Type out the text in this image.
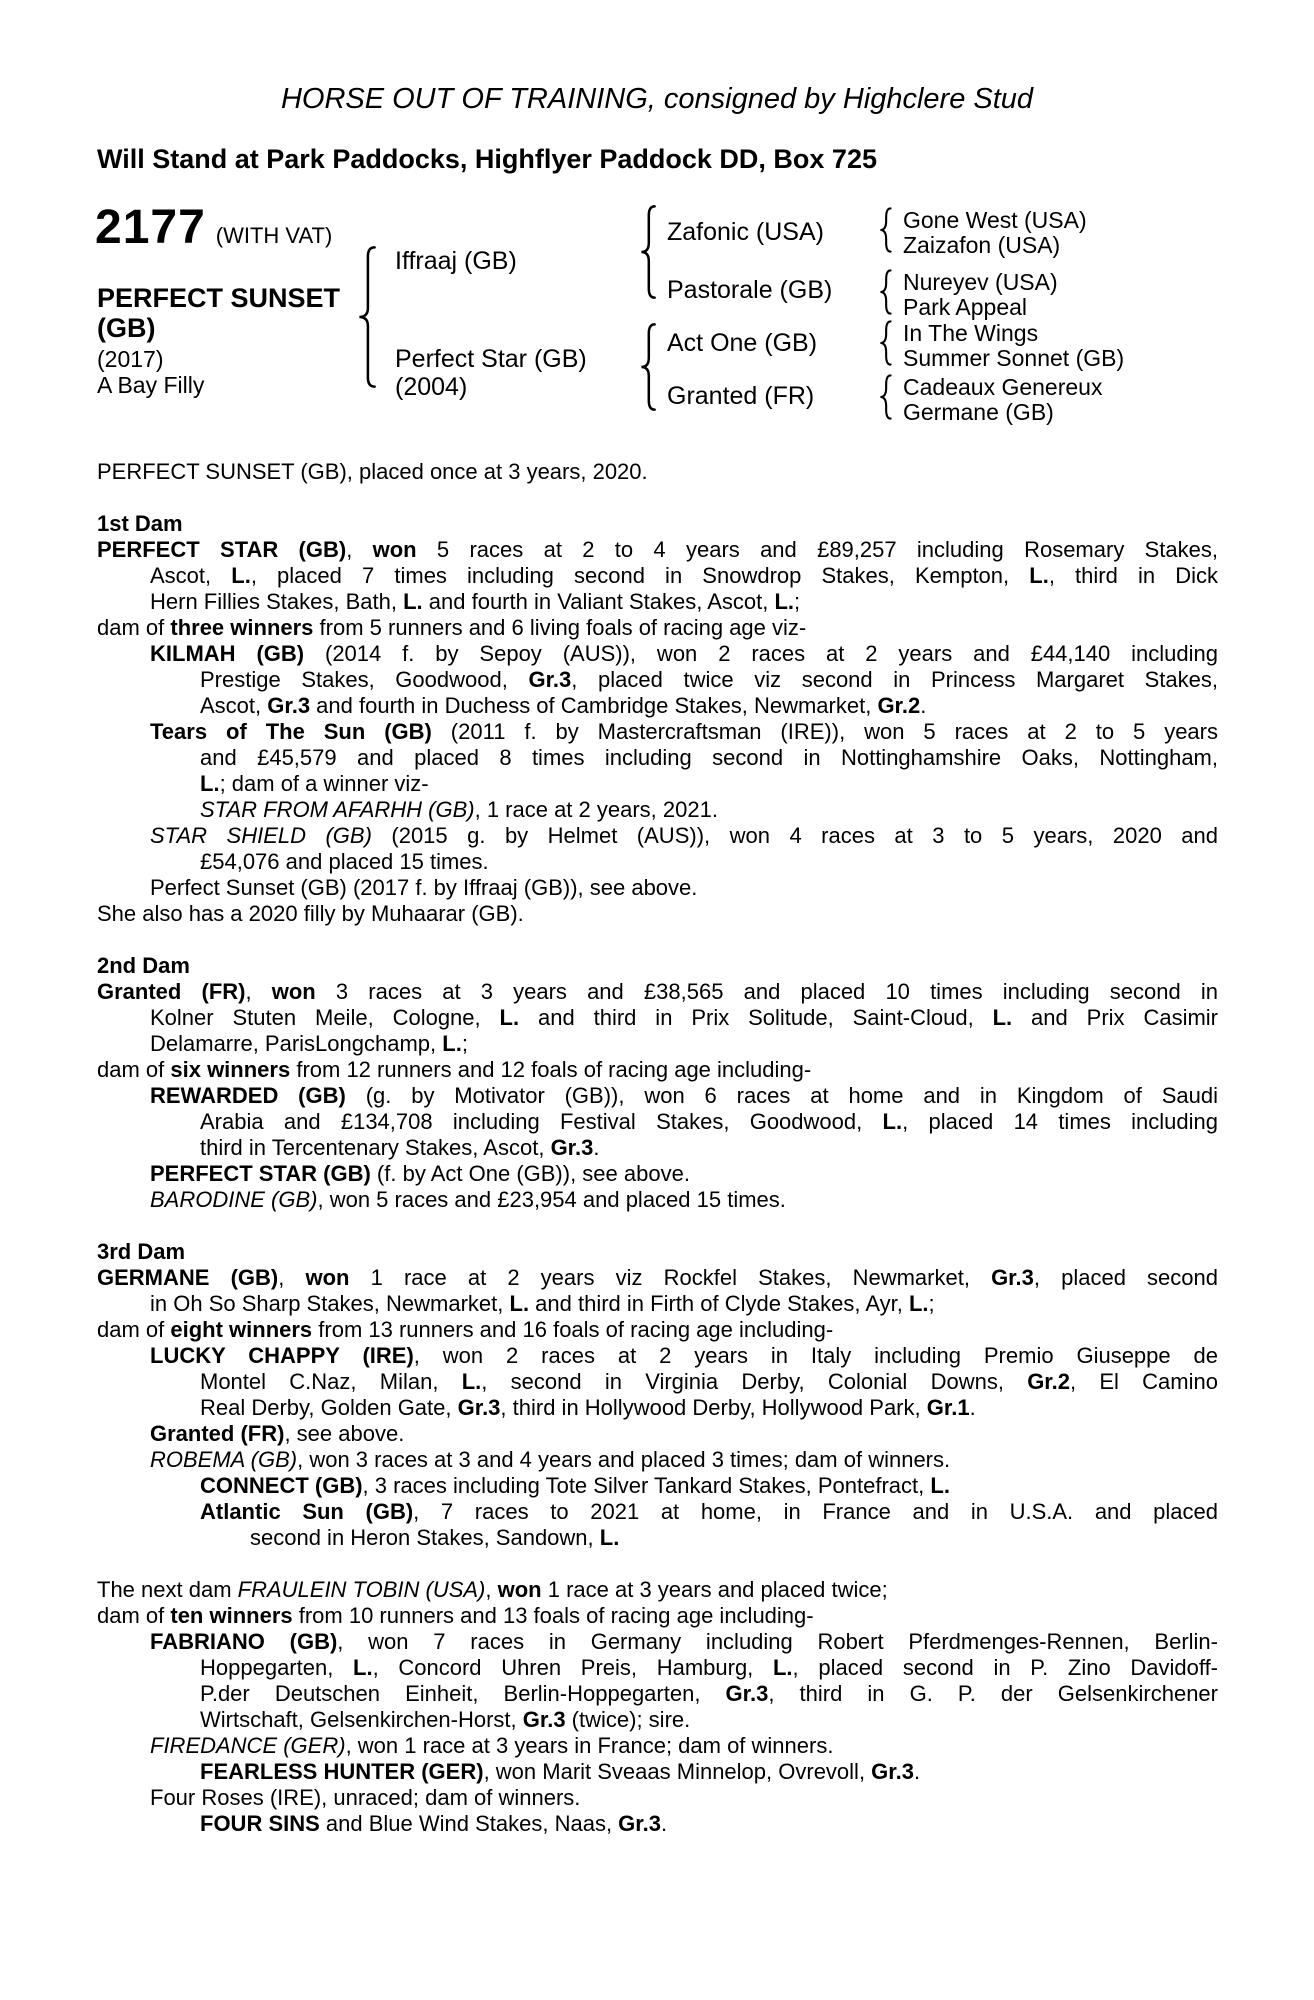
HORSE OUT OF TRAINING, consigned by Highclere Stud
Will Stand at Park Paddocks, Highflyer Paddock DD, Box 725
2177 (WITH VAT)
PERFECT SUNSET
(GB)
(2017)
A Bay Filly
Iffraaj (GB)
Perfect Star (GB)
(2004)
Zafonic (USA)
Pastorale (GB)
Act One (GB)
Granted (FR)
Gone West (USA)
Zaizafon (USA)
Nureyev (USA)
Park Appeal
In The Wings
Summer Sonnet (GB)
Cadeaux Genereux
Germane (GB)
PERFECT SUNSET (GB), placed once at 3 years, 2020.
1st Dam
PERFECT STAR (GB), won 5 races at 2 to 4 years and £89,257 including Rosemary Stakes,
Ascot, L., placed 7 times including second in Snowdrop Stakes, Kempton, L., third in Dick
Hern Fillies Stakes, Bath, L. and fourth in Valiant Stakes, Ascot, L.;
dam of three winners from 5 runners and 6 living foals of racing age viz-
KILMAH (GB) (2014 f. by Sepoy (AUS)), won 2 races at 2 years and £44,140 including
Prestige Stakes, Goodwood, Gr.3, placed twice viz second in Princess Margaret Stakes,
Ascot, Gr.3 and fourth in Duchess of Cambridge Stakes, Newmarket, Gr.2.
Tears of The Sun (GB) (2011 f. by Mastercraftsman (IRE)), won 5 races at 2 to 5 years
and £45,579 and placed 8 times including second in Nottinghamshire Oaks, Nottingham,
L.; dam of a winner viz-
STAR FROM AFARHH (GB), 1 race at 2 years, 2021.
STAR SHIELD (GB) (2015 g. by Helmet (AUS)), won 4 races at 3 to 5 years, 2020 and
£54,076 and placed 15 times.
Perfect Sunset (GB) (2017 f. by Iffraaj (GB)), see above.
She also has a 2020 filly by Muhaarar (GB).
2nd Dam
Granted (FR), won 3 races at 3 years and £38,565 and placed 10 times including second in
Kolner Stuten Meile, Cologne, L. and third in Prix Solitude, Saint-Cloud, L. and Prix Casimir
Delamarre, ParisLongchamp, L.;
dam of six winners from 12 runners and 12 foals of racing age including-
REWARDED (GB) (g. by Motivator (GB)), won 6 races at home and in Kingdom of Saudi
Arabia and £134,708 including Festival Stakes, Goodwood, L., placed 14 times including
third in Tercentenary Stakes, Ascot, Gr.3.
PERFECT STAR (GB) (f. by Act One (GB)), see above.
BARODINE (GB), won 5 races and £23,954 and placed 15 times.
3rd Dam
GERMANE (GB), won 1 race at 2 years viz Rockfel Stakes, Newmarket, Gr.3, placed second
in Oh So Sharp Stakes, Newmarket, L. and third in Firth of Clyde Stakes, Ayr, L.;
dam of eight winners from 13 runners and 16 foals of racing age including-
LUCKY CHAPPY (IRE), won 2 races at 2 years in Italy including Premio Giuseppe de
Montel C.Naz, Milan, L., second in Virginia Derby, Colonial Downs, Gr.2, El Camino
Real Derby, Golden Gate, Gr.3, third in Hollywood Derby, Hollywood Park, Gr.1.
Granted (FR), see above.
ROBEMA (GB), won 3 races at 3 and 4 years and placed 3 times; dam of winners.
CONNECT (GB), 3 races including Tote Silver Tankard Stakes, Pontefract, L.
Atlantic Sun (GB), 7 races to 2021 at home, in France and in U.S.A. and placed
second in Heron Stakes, Sandown, L.
The next dam FRAULEIN TOBIN (USA), won 1 race at 3 years and placed twice;
dam of ten winners from 10 runners and 13 foals of racing age including-
FABRIANO (GB), won 7 races in Germany including Robert Pferdmenges-Rennen, Berlin-
Hoppegarten, L., Concord Uhren Preis, Hamburg, L., placed second in P. Zino Davidoff-
P.der Deutschen Einheit, Berlin-Hoppegarten, Gr.3, third in G. P. der Gelsenkirchener
Wirtschaft, Gelsenkirchen-Horst, Gr.3 (twice); sire.
FIREDANCE (GER), won 1 race at 3 years in France; dam of winners.
FEARLESS HUNTER (GER), won Marit Sveaas Minnelop, Ovrevoll, Gr.3.
Four Roses (IRE), unraced; dam of winners.
FOUR SINS and Blue Wind Stakes, Naas, Gr.3.
